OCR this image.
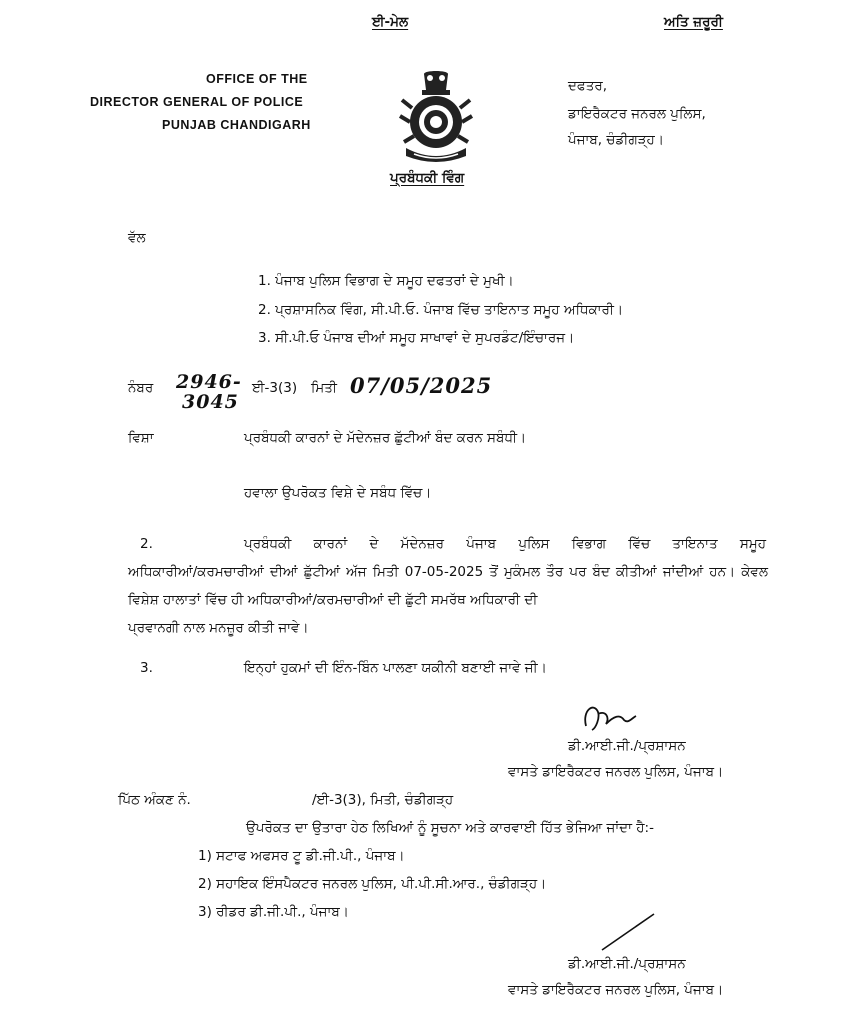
ਈ-ਮੇਲ	ਅਤਿ ਜ਼ਰੂਰੀ
OFFICE OF THE
DIRECTOR GENERAL OF POLICE
PUNJAB CHANDIGARH
ਦਫਤਰ,
ਡਾਇਰੈਕਟਰ ਜਨਰਲ ਪੁਲਿਸ,
ਪੰਜਾਬ, ਚੰਡੀਗੜ੍ਹ।
ਪ੍ਰਬੰਧਕੀ ਵਿੰਗ
ਵੱਲ
1. ਪੰਜਾਬ ਪੁਲਿਸ ਵਿਭਾਗ ਦੇ ਸਮੂਹ ਦਫਤਰਾਂ ਦੇ ਮੁਖੀ।
2. ਪ੍ਰਸ਼ਾਸਨਿਕ ਵਿੰਗ, ਸੀ.ਪੀ.ਓ. ਪੰਜਾਬ ਵਿੱਚ ਤਾਇਨਾਤ ਸਮੂਹ ਅਧਿਕਾਰੀ।
3. ਸੀ.ਪੀ.ਓ ਪੰਜਾਬ ਦੀਆਂ ਸਮੂਹ ਸਾਖਾਵਾਂ ਦੇ ਸੁਪਰਡੰਟ/ਇੰਚਾਰਜ।
ਨੰਬਰ 2946-
3045
ਈ-3(3) ਮਿਤੀ 07/05/2025
ਵਿਸ਼ਾ	ਪ੍ਰਬੰਧਕੀ ਕਾਰਨਾਂ ਦੇ ਮੱਦੇਨਜ਼ਰ ਛੁੱਟੀਆਂ ਬੰਦ ਕਰਨ ਸਬੰਧੀ।
ਹਵਾਲਾ ਉਪਰੋਕਤ ਵਿਸ਼ੇ ਦੇ ਸਬੰਧ ਵਿੱਚ।
2.	ਪ੍ਰਬੰਧਕੀ ਕਾਰਨਾਂ ਦੇ ਮੱਦੇਨਜ਼ਰ ਪੰਜਾਬ ਪੁਲਿਸ ਵਿਭਾਗ ਵਿੱਚ ਤਾਇਨਾਤ ਸਮੂਹ
ਅਧਿਕਾਰੀਆਂ/ਕਰਮਚਾਰੀਆਂ ਦੀਆਂ ਛੁੱਟੀਆਂ ਅੱਜ ਮਿਤੀ 07-05-2025 ਤੋਂ ਮੁਕੰਮਲ ਤੌਰ ਪਰ ਬੰਦ ਕੀਤੀਆਂ ਜਾਂਦੀਆਂ ਹਨ। ਕੇਵਲ ਵਿਸ਼ੇਸ਼ ਹਾਲਾਤਾਂ ਵਿੱਚ ਹੀ ਅਧਿਕਾਰੀਆਂ/ਕਰਮਚਾਰੀਆਂ ਦੀ ਛੁੱਟੀ ਸਮਰੱਥ ਅਧਿਕਾਰੀ ਦੀ
ਪ੍ਰਵਾਨਗੀ ਨਾਲ ਮਨਜ਼ੂਰ ਕੀਤੀ ਜਾਵੇ।
3.	ਇਨ੍ਹਾਂ ਹੁਕਮਾਂ ਦੀ ਇੰਨ-ਬਿੰਨ ਪਾਲਣਾ ਯਕੀਨੀ ਬਣਾਈ ਜਾਵੇ ਜੀ।
ਡੀ.ਆਈ.ਜੀ./ਪ੍ਰਸ਼ਾਸਨ
ਵਾਸਤੇ ਡਾਇਰੈਕਟਰ ਜਨਰਲ ਪੁਲਿਸ, ਪੰਜਾਬ।
ਪਿੱਠ ਅੰਕਣ ਨੰ.	/ਈ-3(3), ਮਿਤੀ, ਚੰਡੀਗੜ੍ਹ
ਉਪਰੋਕਤ ਦਾ ਉਤਾਰਾ ਹੇਠ ਲਿਖਿਆਂ ਨੂੰ ਸੂਚਨਾ ਅਤੇ ਕਾਰਵਾਈ ਹਿੱਤ ਭੇਜਿਆ ਜਾਂਦਾ ਹੈ:-
1) ਸਟਾਫ ਅਫਸਰ ਟੂ ਡੀ.ਜੀ.ਪੀ., ਪੰਜਾਬ।
2) ਸਹਾਇਕ ਇੰਸਪੈਕਟਰ ਜਨਰਲ ਪੁਲਿਸ, ਪੀ.ਪੀ.ਸੀ.ਆਰ., ਚੰਡੀਗੜ੍ਹ।
3) ਰੀਡਰ ਡੀ.ਜੀ.ਪੀ., ਪੰਜਾਬ।
ਡੀ.ਆਈ.ਜੀ./ਪ੍ਰਸ਼ਾਸਨ
ਵਾਸਤੇ ਡਾਇਰੈਕਟਰ ਜਨਰਲ ਪੁਲਿਸ, ਪੰਜਾਬ।
